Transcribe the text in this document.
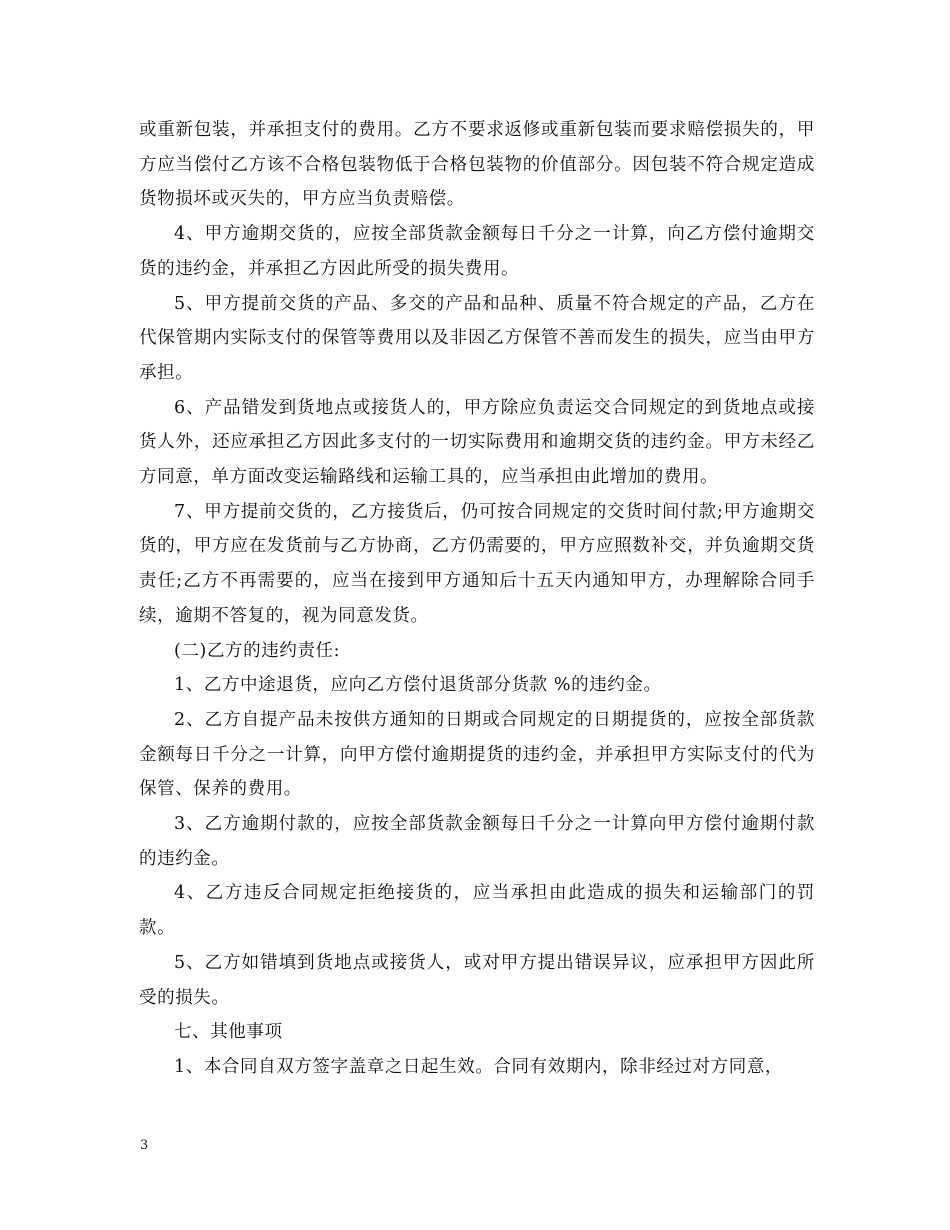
或重新包装，并承担支付的费用。乙方不要求返修或重新包装而要求赔偿损失的，甲方应当偿付乙方该不合格包装物低于合格包装物的价值部分。因包装不符合规定造成货物损坏或灭失的，甲方应当负责赔偿。

4、甲方逾期交货的，应按全部货款金额每日千分之一计算，向乙方偿付逾期交货的违约金，并承担乙方因此所受的损失费用。

5、甲方提前交货的产品、多交的产品和品种、质量不符合规定的产品，乙方在代保管期内实际支付的保管等费用以及非因乙方保管不善而发生的损失，应当由甲方承担。

6、产品错发到货地点或接货人的，甲方除应负责运交合同规定的到货地点或接货人外，还应承担乙方因此多支付的一切实际费用和逾期交货的违约金。甲方未经乙方同意，单方面改变运输路线和运输工具的，应当承担由此增加的费用。

7、甲方提前交货的，乙方接货后，仍可按合同规定的交货时间付款;甲方逾期交货的，甲方应在发货前与乙方协商，乙方仍需要的，甲方应照数补交，并负逾期交货责任;乙方不再需要的，应当在接到甲方通知后十五天内通知甲方，办理解除合同手续，逾期不答复的，视为同意发货。

(二)乙方的违约责任:

1、乙方中途退货，应向乙方偿付退货部分货款 %的违约金。

2、乙方自提产品未按供方通知的日期或合同规定的日期提货的，应按全部货款金额每日千分之一计算，向甲方偿付逾期提货的违约金，并承担甲方实际支付的代为保管、保养的费用。

3、乙方逾期付款的，应按全部货款金额每日千分之一计算向甲方偿付逾期付款的违约金。

4、乙方违反合同规定拒绝接货的，应当承担由此造成的损失和运输部门的罚款。

5、乙方如错填到货地点或接货人，或对甲方提出错误异议，应承担甲方因此所受的损失。

七、其他事项

1、本合同自双方签字盖章之日起生效。合同有效期内，除非经过对方同意，

3
